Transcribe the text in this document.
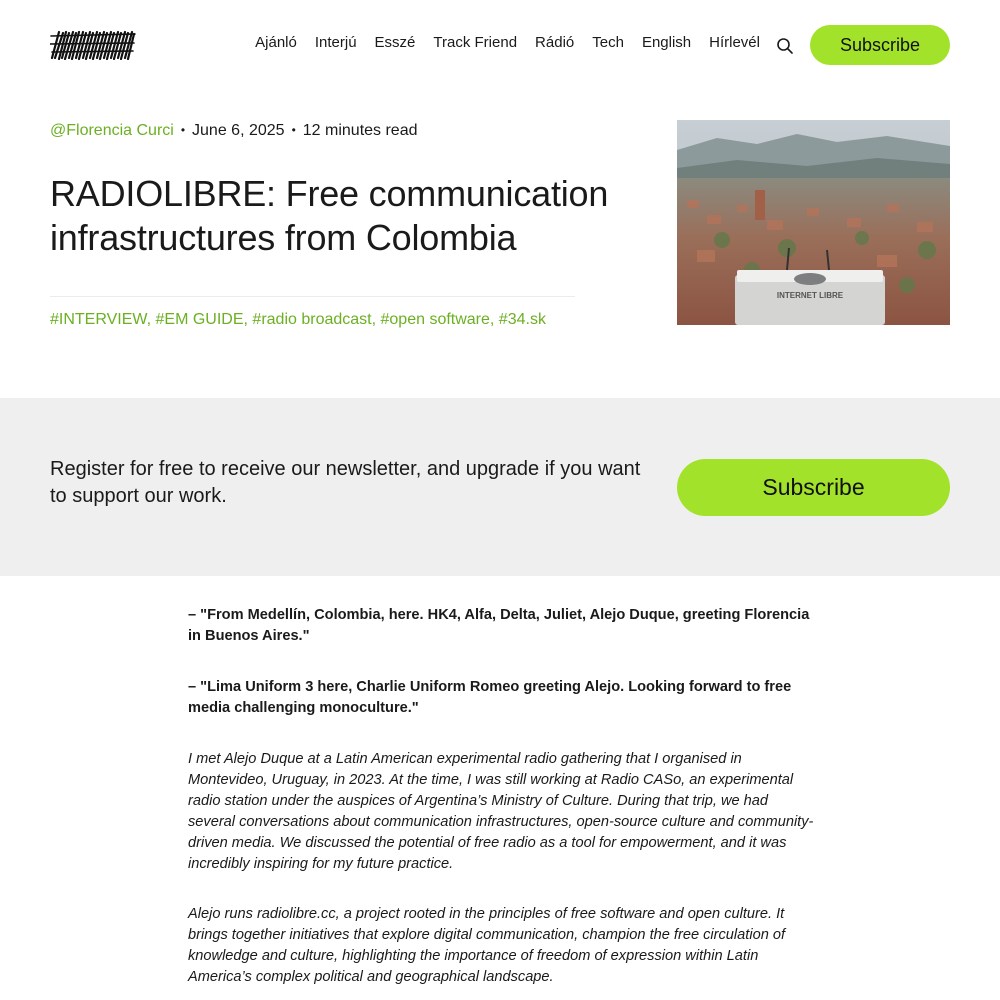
Ajánló Interjú Esszé Track Friend Rádió Tech English Hírlevél	Subscribe
@Florencia Curci • June 6, 2025 • 12 minutes read
RADIOLIBRE: Free communication infrastructures from Colombia
#INTERVIEW, #EM GUIDE, #radio broadcast, #open software, #34.sk
INTERNET LIBRE

Register for free to receive our newsletter, and upgrade if you want to support our work.	Subscribe

– "From Medellín, Colombia, here. HK4, Alfa, Delta, Juliet, Alejo Duque, greeting Florencia in Buenos Aires."

– "Lima Uniform 3 here, Charlie Uniform Romeo greeting Alejo. Looking forward to free media challenging monoculture."

I met Alejo Duque at a Latin American experimental radio gathering that I organised in Montevideo, Uruguay, in 2023. At the time, I was still working at Radio CASo, an experimental radio station under the auspices of Argentina’s Ministry of Culture. During that trip, we had several conversations about communication infrastructures, open-source culture and community-driven media. We discussed the potential of free radio as a tool for empowerment, and it was incredibly inspiring for my future practice.

Alejo runs radiolibre.cc, a project rooted in the principles of free software and open culture. It brings together initiatives that explore digital communication, champion the free circulation of knowledge and culture, highlighting the importance of freedom of expression within Latin America’s complex political and geographical landscape.
